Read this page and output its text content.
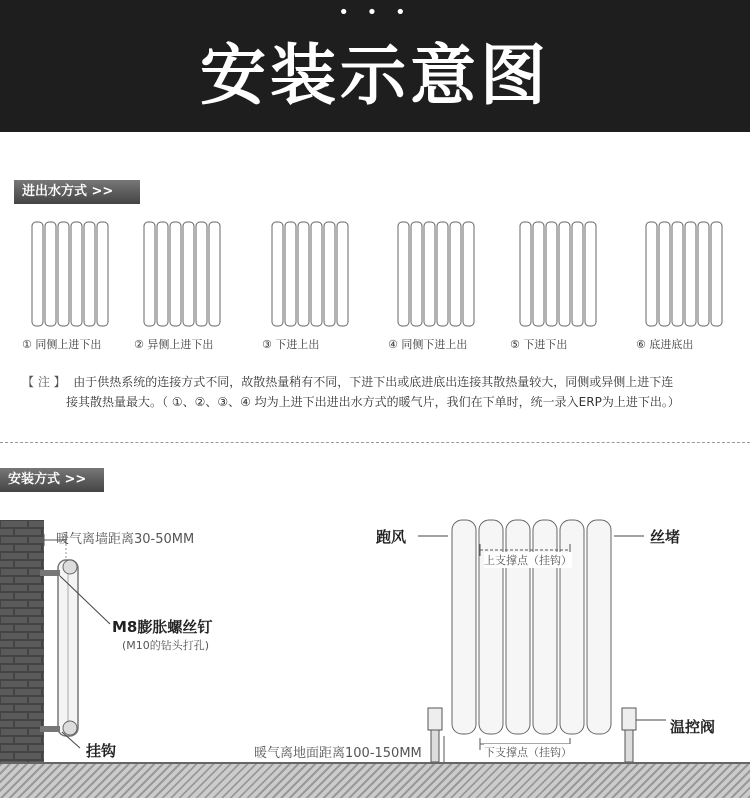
• • •
安装示意图
进出水方式 >>
① 同侧上进下出	② 异侧上进下出	③ 下进上出	④ 同侧下进上出	⑤ 下进下出	⑥ 底进底出
【 注 】 由于供热系统的连接方式不同，故散热量稍有不同，下进下出或底进底出连接其散热量较大，同侧或异侧上进下连
接其散热量最大。（ ①、②、③、④ 均为上进下出进出水方式的暖气片，我们在下单时，统一录入ERP为上进下出。）
安装方式 >>
暖气离墙距离30-50MM
M8膨胀螺丝钉
(M10的钻头打孔)
挂钩
跑风	丝堵
上支撑点（挂钩）
温控阀
下支撑点（挂钩）
暖气离地面距离100-150MM
